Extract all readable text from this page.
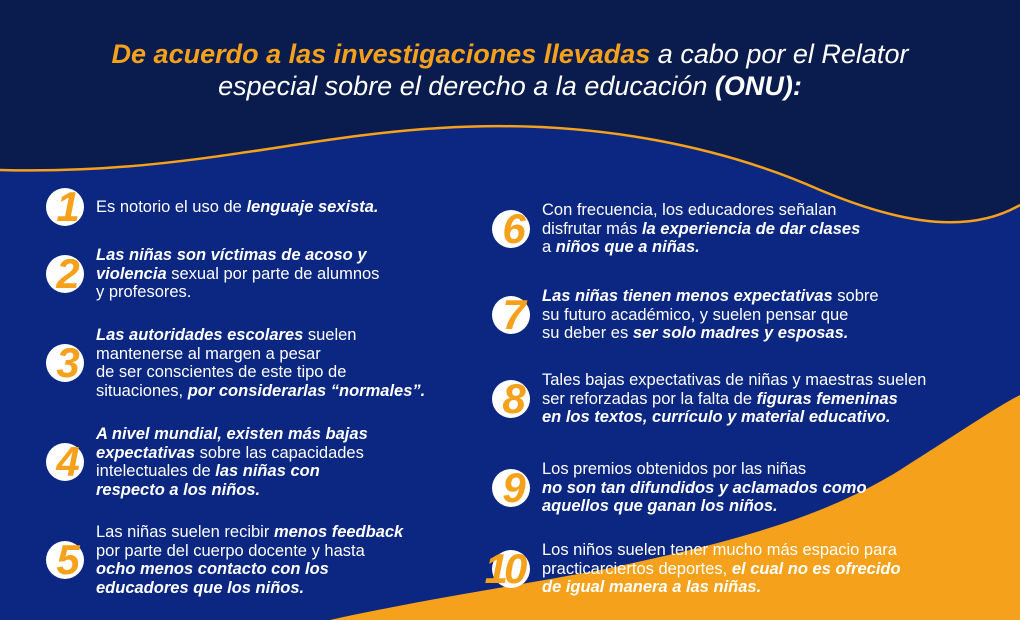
De acuerdo a las investigaciones llevadas a cabo por el Relator
especial sobre el derecho a la educación (ONU):
1 Es notorio el uso de lenguaje sexista.
2 Las niñas son víctimas de acoso y
violencia sexual por parte de alumnos
y profesores.
3
Las autoridades escolares suelen
mantenerse al margen a pesar
de ser conscientes de este tipo de
situaciones, por considerarlas “normales”.
4
A nivel mundial, existen más bajas
expectativas sobre las capacidades
intelectuales de las niñas con
respecto a los niños.
5
Las niñas suelen recibir menos feedback
por parte del cuerpo docente y hasta
ocho menos contacto con los
educadores que los niños.
6 Con frecuencia, los educadores señalan
disfrutar más la experiencia de dar clases
a niños que a niñas.
7 Las niñas tienen menos expectativas sobre
su futuro académico, y suelen pensar que
su deber es ser solo madres y esposas.
8 Tales bajas expectativas de niñas y maestras suelen
ser reforzadas por la falta de figuras femeninas
en los textos, currículo y material educativo.
9 Los premios obtenidos por las niñas
no son tan difundidos y aclamados como
aquellos que ganan los niños.
10 Los niños suelen tener mucho más espacio para
practicarciertos deportes, el cual no es ofrecido
de igual manera a las niñas.
